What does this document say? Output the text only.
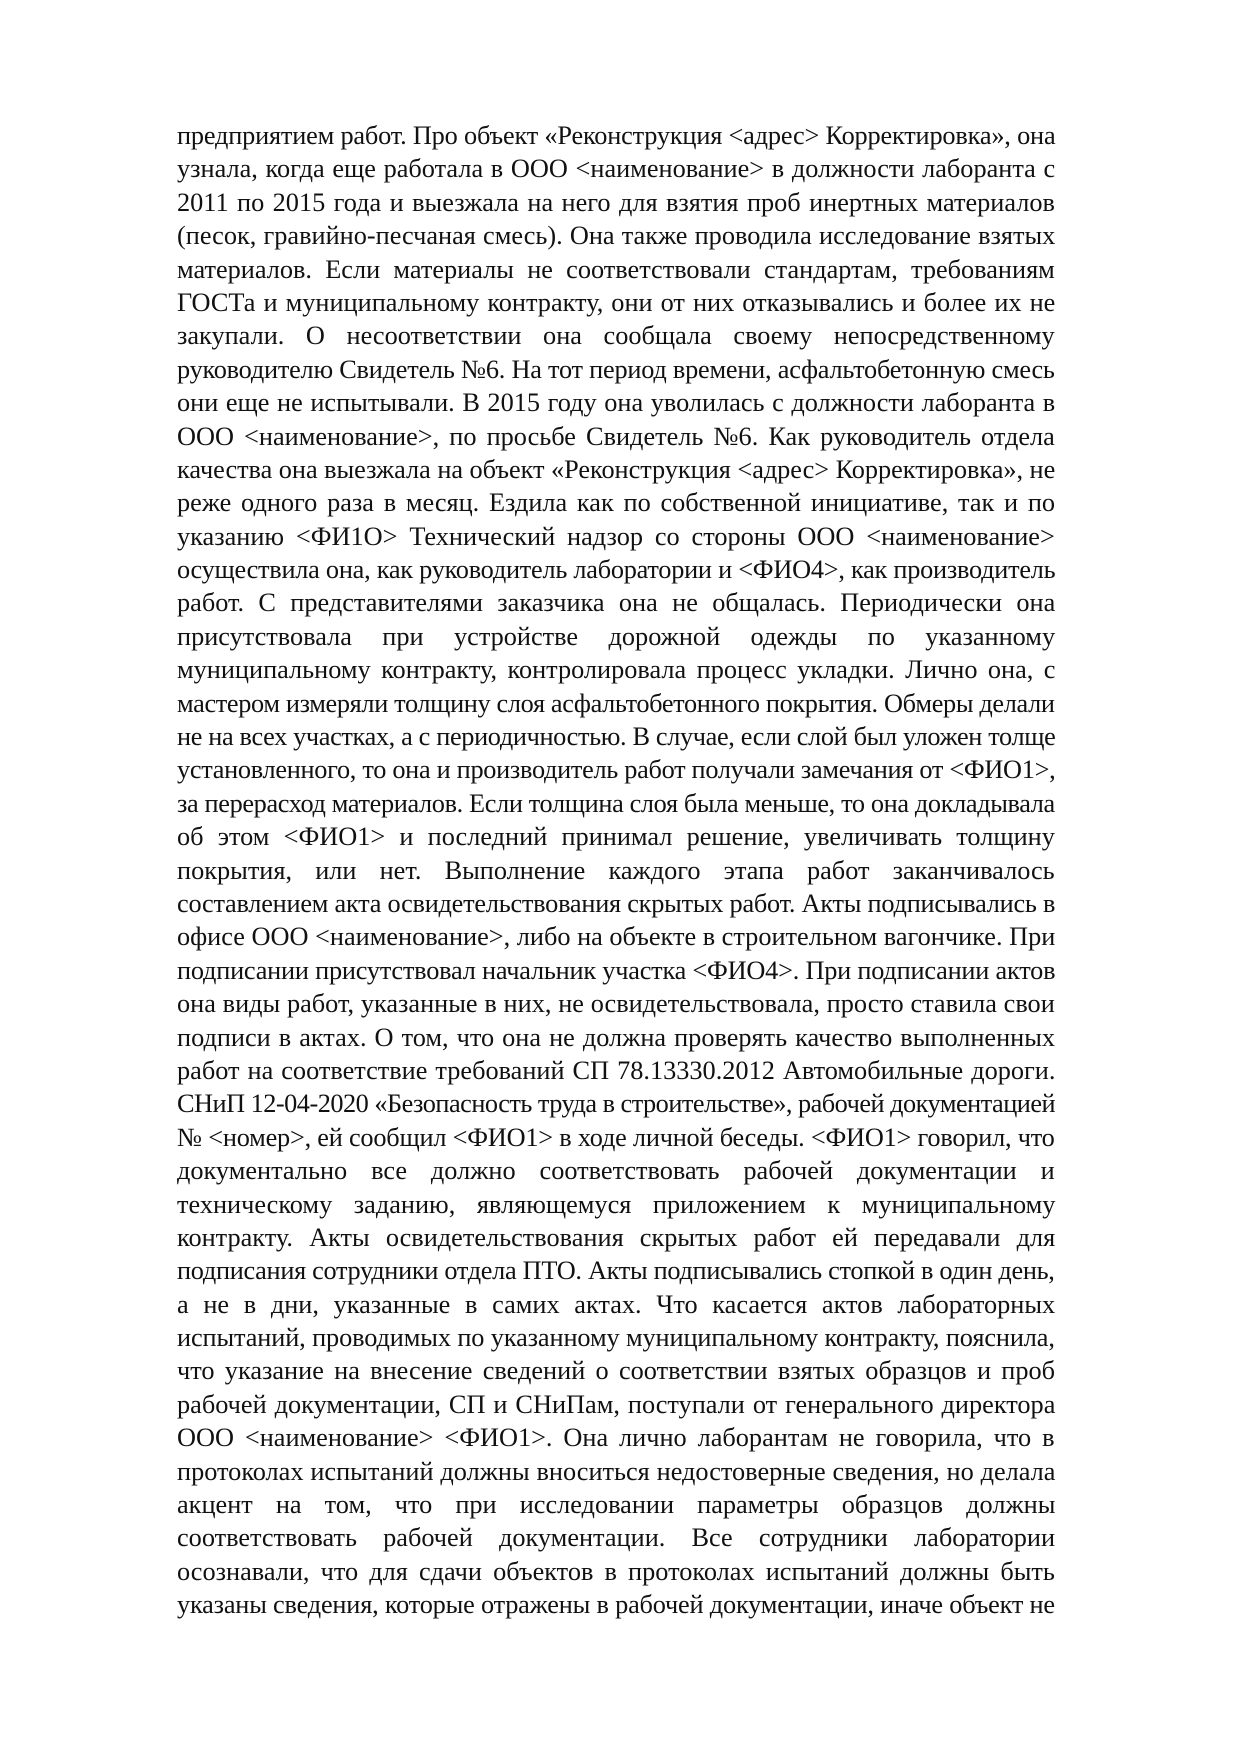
предприятием работ. Про объект «Реконструкция <адрес> Корректировка», она
узнала, когда еще работала в ООО <наименование> в должности лаборанта с
2011 по 2015 года и выезжала на него для взятия проб инертных материалов
(песок, гравийно-песчаная смесь). Она также проводила исследование взятых
материалов. Если материалы не соответствовали стандартам, требованиям
ГОСТа и муниципальному контракту, они от них отказывались и более их не
закупали. О несоответствии она сообщала своему непосредственному
руководителю Свидетель №6. На тот период времени, асфальтобетонную смесь
они еще не испытывали. В 2015 году она уволилась с должности лаборанта в
ООО <наименование>, по просьбе Свидетель №6. Как руководитель отдела
качества она выезжала на объект «Реконструкция <адрес> Корректировка», не
реже одного раза в месяц. Ездила как по собственной инициативе, так и по
указанию <ФИ1О> Технический надзор со стороны ООО <наименование>
осуществила она, как руководитель лаборатории и <ФИО4>, как производитель
работ. С представителями заказчика она не общалась. Периодически она
присутствовала при устройстве дорожной одежды по указанному
муниципальному контракту, контролировала процесс укладки. Лично она, с
мастером измеряли толщину слоя асфальтобетонного покрытия. Обмеры делали
не на всех участках, а с периодичностью. В случае, если слой был уложен толще
установленного, то она и производитель работ получали замечания от <ФИО1>,
за перерасход материалов. Если толщина слоя была меньше, то она докладывала
об этом <ФИО1> и последний принимал решение, увеличивать толщину
покрытия, или нет. Выполнение каждого этапа работ заканчивалось
составлением акта освидетельствования скрытых работ. Акты подписывались в
офисе ООО <наименование>, либо на объекте в строительном вагончике. При
подписании присутствовал начальник участка <ФИО4>. При подписании актов
она виды работ, указанные в них, не освидетельствовала, просто ставила свои
подписи в актах. О том, что она не должна проверять качество выполненных
работ на соответствие требований СП 78.13330.2012 Автомобильные дороги.
СНиП 12-04-2020 «Безопасность труда в строительстве», рабочей документацией
№ <номер>, ей сообщил <ФИО1> в ходе личной беседы. <ФИО1> говорил, что
документально все должно соответствовать рабочей документации и
техническому заданию, являющемуся приложением к муниципальному
контракту. Акты освидетельствования скрытых работ ей передавали для
подписания сотрудники отдела ПТО. Акты подписывались стопкой в один день,
а не в дни, указанные в самих актах. Что касается актов лабораторных
испытаний, проводимых по указанному муниципальному контракту, пояснила,
что указание на внесение сведений о соответствии взятых образцов и проб
рабочей документации, СП и СНиПам, поступали от генерального директора
ООО <наименование> <ФИО1>. Она лично лаборантам не говорила, что в
протоколах испытаний должны вноситься недостоверные сведения, но делала
акцент на том, что при исследовании параметры образцов должны
соответствовать рабочей документации. Все сотрудники лаборатории
осознавали, что для сдачи объектов в протоколах испытаний должны быть
указаны сведения, которые отражены в рабочей документации, иначе объект не
